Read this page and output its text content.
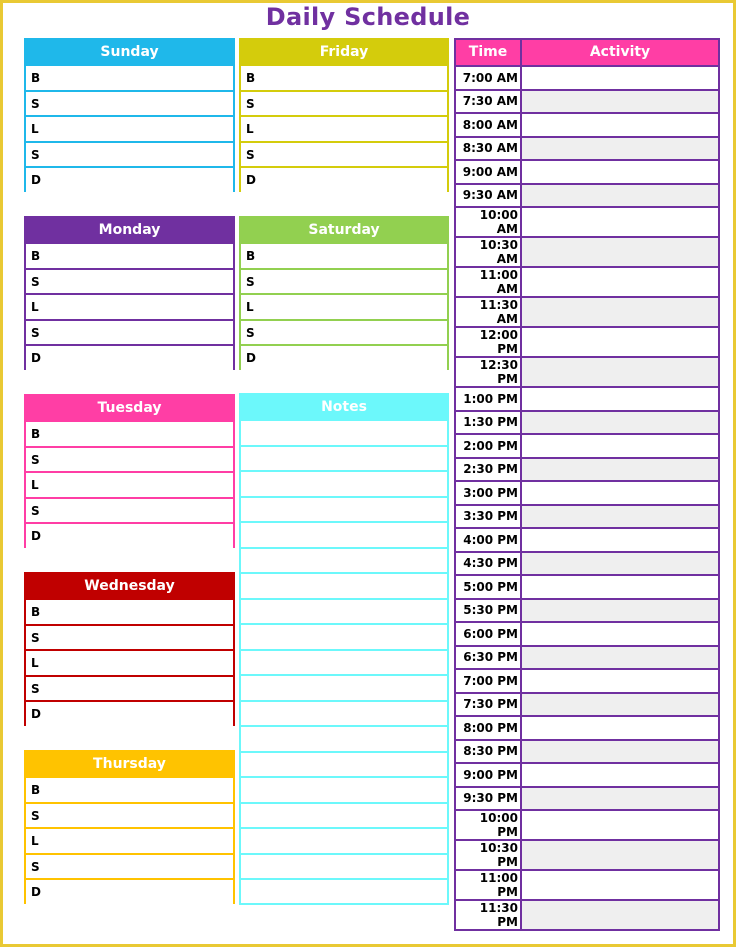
Daily Schedule
Sunday
B
S
L
S
D
Monday
B
S
L
S
D
Tuesday
B
S
L
S
D
Wednesday
B
S
L
S
D
Thursday
B
S
L
S
D
Friday
B
S
L
S
D
Saturday
B
S
L
S
D
Notes
Time	Activity
7:00 AM
7:30 AM
8:00 AM
8:30 AM
9:00 AM
9:30 AM
10:00 AM
10:30 AM
11:00 AM
11:30 AM
12:00 PM
12:30 PM
1:00 PM
1:30 PM
2:00 PM
2:30 PM
3:00 PM
3:30 PM
4:00 PM
4:30 PM
5:00 PM
5:30 PM
6:00 PM
6:30 PM
7:00 PM
7:30 PM
8:00 PM
8:30 PM
9:00 PM
9:30 PM
10:00 PM
10:30 PM
11:00 PM
11:30 PM
